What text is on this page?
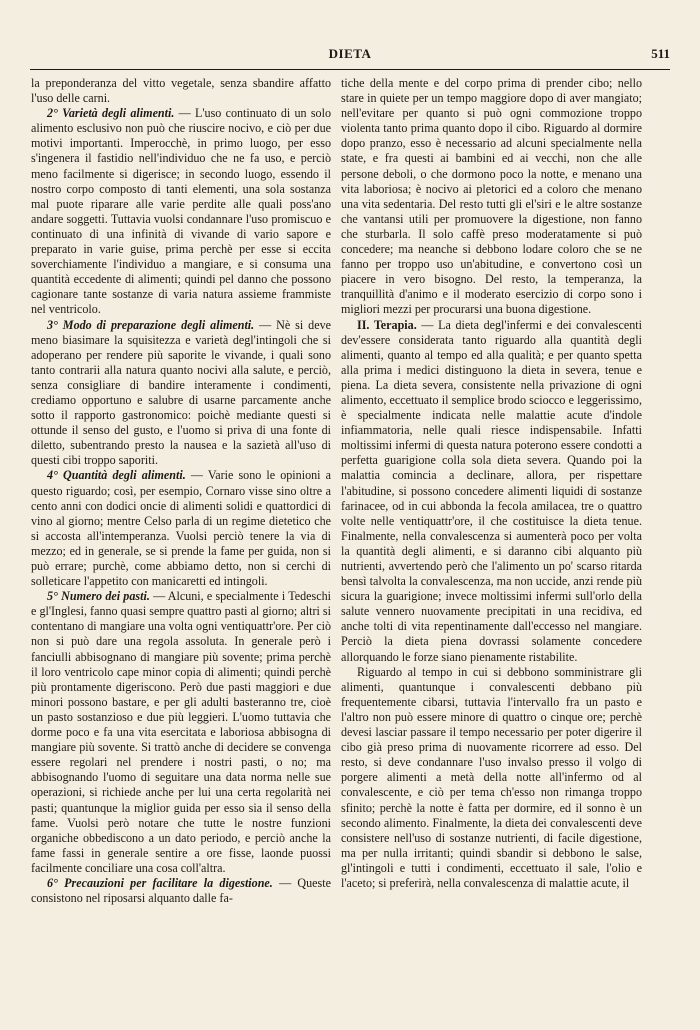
DIETA	511

la preponderanza del vitto vegetale, senza sbandire affatto l'uso delle carni.

2° Varietà degli alimenti. — L'uso continuato di un solo alimento esclusivo non può che riuscire nocivo, e ciò per due motivi importanti. Imperocchè, in primo luogo, per esso s'ingenera il fastidio nell'individuo che ne fa uso, e perciò meno facilmente si digerisce; in secondo luogo, essendo il nostro corpo composto di tanti elementi, una sola sostanza mal puote riparare alle varie perdite alle quali poss'ano andare soggetti. Tuttavia vuolsi condannare l'uso promiscuo e continuato di una infinità di vivande di vario sapore e preparato in varie guise, prima perchè per esse si eccita soverchiamente l'individuo a mangiare, e si consuma una quantità eccedente di alimenti; quindi pel danno che possono cagionare tante sostanze di varia natura assieme frammiste nel ventricolo.

3° Modo di preparazione degli alimenti. — Nè si deve meno biasimare la squisitezza e varietà degl'intingoli che si adoperano per rendere più saporite le vivande, i quali sono tanto contrarii alla natura quanto nocivi alla salute, e perciò, senza consigliare di bandire interamente i condimenti, crediamo opportuno e salubre di usarne parcamente anche sotto il rapporto gastronomico: poichè mediante questi si ottunde il senso del gusto, e l'uomo si priva di una fonte di diletto, subentrando presto la nausea e la sazietà all'uso di questi cibi troppo saporiti.

4° Quantità degli alimenti. — Varie sono le opinioni a questo riguardo; così, per esempio, Cornaro visse sino oltre a cento anni con dodici oncie di alimenti solidi e quattordici di vino al giorno; mentre Celso parla di un regime dietetico che si accosta all'intemperanza. Vuolsi perciò tenere la via di mezzo; ed in generale, se si prende la fame per guida, non si può errare; purchè, come abbiamo detto, non si cerchi di solleticare l'appetito con manicaretti ed intingoli.

5° Numero dei pasti. — Alcuni, e specialmente i Tedeschi e gl'Inglesi, fanno quasi sempre quattro pasti al giorno; altri si contentano di mangiare una volta ogni ventiquattr'ore. Per ciò non si può dare una regola assoluta. In generale però i fanciulli abbisognano di mangiare più sovente; prima perchè il loro ventricolo cape minor copia di alimenti; quindi perchè più prontamente digeriscono. Però due pasti maggiori e due minori possono bastare, e per gli adulti basteranno tre, cioè un pasto sostanzioso e due più leggieri. L'uomo tuttavia che dorme poco e fa una vita esercitata e laboriosa abbisogna di mangiare più sovente. Si trattò anche di decidere se convenga essere regolari nel prendere i nostri pasti, o no; ma abbisognando l'uomo di seguitare una data norma nelle sue operazioni, si richiede anche per lui una certa regolarità nei pasti; quantunque la miglior guida per esso sia il senso della fame. Vuolsi però notare che tutte le nostre funzioni organiche obbediscono a un dato periodo, e perciò anche la fame fassi in generale sentire a ore fisse, laonde puossi facilmente conciliare una cosa coll'altra.

6° Precauzioni per facilitare la digestione. — Queste consistono nel riposarsi alquanto dalle fa-

tiche della mente e del corpo prima di prender cibo; nello stare in quiete per un tempo maggiore dopo di aver mangiato; nell'evitare per quanto si può ogni commozione troppo violenta tanto prima quanto dopo il cibo. Riguardo al dormire dopo pranzo, esso è necessario ad alcuni specialmente nella state, e fra questi ai bambini ed ai vecchi, non che alle persone deboli, o che dormono poco la notte, e menano una vita laboriosa; è nocivo ai pletorici ed a coloro che menano una vita sedentaria. Del resto tutti gli el'siri e le altre sostanze che vantansi utili per promuovere la digestione, non fanno che sturbarla. Il solo caffè preso moderatamente si può concedere; ma neanche si debbono lodare coloro che se ne fanno per troppo uso un'abitudine, e convertono così un piacere in vero bisogno. Del resto, la temperanza, la tranquillità d'animo e il moderato esercizio di corpo sono i migliori mezzi per procurarsi una buona digestione.

II. Terapia. — La dieta degl'infermi e dei convalescenti dev'essere considerata tanto riguardo alla quantità degli alimenti, quanto al tempo ed alla qualità; e per quanto spetta alla prima i medici distinguono la dieta in severa, tenue e piena. La dieta severa, consistente nella privazione di ogni alimento, eccettuato il semplice brodo sciocco e leggerissimo, è specialmente indicata nelle malattie acute d'indole infiammatoria, nelle quali riesce indispensabile. Infatti moltissimi infermi di questa natura poterono essere condotti a perfetta guarigione colla sola dieta severa. Quando poi la malattia comincia a declinare, allora, per rispettare l'abitudine, si possono concedere alimenti liquidi di sostanze farinacee, od in cui abbonda la fecola amilacea, tre o quattro volte nelle ventiquattr'ore, il che costituisce la dieta tenue. Finalmente, nella convalescenza si aumenterà poco per volta la quantità degli alimenti, e si daranno cibi alquanto più nutrienti, avvertendo però che l'alimento un po' scarso ritarda bensì talvolta la convalescenza, ma non uccide, anzi rende più sicura la guarigione; invece moltissimi infermi sull'orlo della salute vennero nuovamente precipitati in una recidiva, ed anche tolti di vita repentinamente dall'eccesso nel mangiare. Perciò la dieta piena dovrassi solamente concedere allorquando le forze siano pienamente ristabilite.

Riguardo al tempo in cui si debbono somministrare gli alimenti, quantunque i convalescenti debbano più frequentemente cibarsi, tuttavia l'intervallo fra un pasto e l'altro non può essere minore di quattro o cinque ore; perchè devesi lasciar passare il tempo necessario per poter digerire il cibo già preso prima di nuovamente ricorrere ad esso. Del resto, si deve condannare l'uso invalso presso il volgo di porgere alimenti a metà della notte all'infermo od al convalescente, e ciò per tema ch'esso non rimanga troppo sfinito; perchè la notte è fatta per dormire, ed il sonno è un secondo alimento. Finalmente, la dieta dei convalescenti deve consistere nell'uso di sostanze nutrienti, di facile digestione, ma per nulla irritanti; quindi sbandir si debbono le salse, gl'intingoli e tutti i condimenti, eccettuato il sale, l'olio e l'aceto; si preferirà, nella convalescenza di malattie acute, il
